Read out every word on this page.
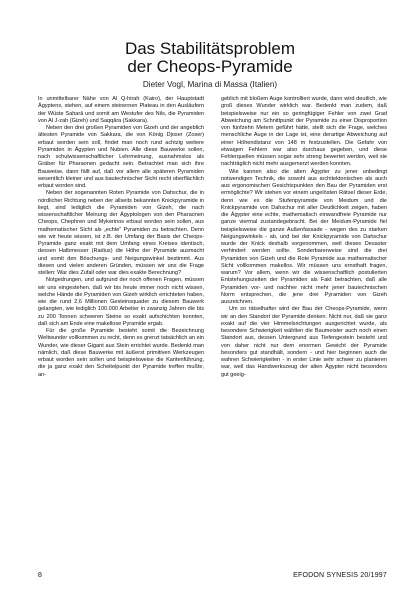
Das Stabilitätsproblem
der Cheops-Pyramide
Dieter Vogl, Marina di Massa (Italien)

In unmittelbarer Nähe von Al Q-hirah (Kairo), der Hauptstadt Ägyptens, stehen, auf einem steinernen Plateau in den Ausläufern der Wüste Saharâ und somit am Westufer des Nils, die Pyramiden von Al J-zah (Gizeh) und Saqqâra (Sakkara).

Neben den drei großen Pyramiden von Gizeh und der angeblich ältesten Pyramide von Sakkara, die von König Djoser (Zoser) erbaut worden sein soll, findet man noch rund achtzig weitere Pyramiden in Ägypten und Nubien. Alle diese Bauwerke sollen, nach schulwissenschaftlicher Lehrmeinung, ausnahmslos als Gräber für Pharaonen gedacht sein. Betrachtet man sich ihre Bauweise, dann fällt auf, daß vor allem alle späteren Pyramiden wesentlich kleiner und aus bautechnischer Sicht recht oberflächlich erbaut worden sind.

Neben der sogenannten Roten Pyramide von Dahschur, die in nördlicher Richtung neben der allseits bekannten Knickpyramide in liegt, sind lediglich die Pyramiden von Gizeh, die nach wissenschaftlicher Meinung der Ägyptologen von den Pharaonen Cheops, Chephren und Mykerinos erbaut worden sein sollen, aus mathematischer Sicht als „echte“ Pyramiden zu betrachten. Denn wie wir heute wissen, ist z.B. der Umfang der Basis der Cheops-Pyramide ganz exakt mit dem Umfang eines Kreises identisch, dessen Halbmesser (Radius) die Höhe der Pyramide ausmacht und somit den Böschungs- und Neigungswinkel bestimmt. Aus diesen und vielen anderen Gründen, müssen wir uns die Frage stellen: War dies Zufall oder war dies exakte Berechnung?

Notgedrungen, und aufgrund der noch offenen Fragen, müssen wir uns eingestehen, daß wir bis heute immer noch nicht wissen, welche Hände die Pyramiden von Gizeh wirklich errichteten haben, wie die rund 2,6 Millionen Gesteinsquader zu diesem Bauwerk gelangten, wie lediglich 100.000 Arbeiter in zwanzig Jahren die bis zu 200 Tonnen schweren Steine so exakt aufschichten konnten, daß sich am Ende eine makellose Pyramide ergab.

Für die große Pyramide besteht somit die Bezeichnung Weltwunder vollkommen zu recht, denn es grenzt tatsächlich an ein Wunder, wie dieser Gigant aus Stein errichtet wurde. Bedenkt man nämlich, daß diese Bauwerke mit äußerst primitiven Werkzeugen erbaut worden sein sollen und beispielsweise die Kantenführung, die ja ganz exakt den Scheitelpunkt der Pyramide treffen mußte, an-

geblich mit bloßem Auge kontrolliert wurde, dann wird deutlich, wie groß dieses Wunder wirklich war. Bedenkt man zudem, daß beispielsweise nur ein so geringfügiger Fehler von zwei Grad Abweichung am Schnittpunkt der Pyramide zu einer Disproportion von fünfzehn Metern geführt hätte, stellt sich die Frage, welches menschliche Auge in der Lage ist, eine derartige Abweichung auf einer Höhendistanz von 148 m festzustellen. Die Gefahr von etwaigen Fehlern war also durchaus gegeben, und diese Fehlerquellen müssen sogar sehr streng bewertet werden, weil sie nachträglich nicht mehr ausgemerzt werden konnten.

Wie kannen also die alten Ägypter zu jener unbedingt notwendigen Technik, die sowohl aus architektonischen als auch aus ergonomischen Gesichtspunkten den Bau der Pyramiden erst ermöglichte? Wir stehen vor einem ungelösten Rätsel dieser Erde, denn wie es die Stufenpyramide von Meidum und die Knickpyramide von Dahschur mit aller Deutlichkeit zeigen, haben die Ägypter eine echte, mathematisch einwandfreie Pyramide nur ganze viermal zustandegebracht. Bei der Meidum-Pyramide fiel beispielsweise die ganze Außenfassade - wegen des zu starken Neigungswinkels - ab, und bei der Knickpyramide von Dahschur wurde der Knick deshalb vorgenommen, weil dieses Desaster verhindert werden sollte. Sonderbarerweise sind die drei Pyramiden von Gizeh und die Rote Pyramide aus mathematischer Sicht vollkommen makellos. Wir müssen uns ernsthaft fragen, warum? Vor allem, wenn wir die wissenschaftlich postulierten Entstehungszeiten der Pyramiden als Fakt betrachten, daß alle Pyramiden vor- und nachher nicht mehr jener bautechnischen Norm entsprechen, die jene drei Pyramiden von Gizeh auszeichnen.

Um so rätselhafter wird der Bau der Cheops-Pyramide, wenn wir an den Standort der Pyramide denken. Nicht nur, daß sie ganz exakt auf die vier Himmelsrichtungen ausgerichtet wurde, als besondere Schwierigkeit wählten die Baumeister auch noch einen Standort aus, dessen Untergrund aus Tiefengestein besteht und von daher nicht nur dem enormen Gewicht der Pyramide besonders gut standhält, sondern - und hier beginnen auch die wahren Schwierigkeiten - in erster Linie sehr schwer zu planieren war, weil das Handwerkszeug der alten Ägypter nicht besonders gut geeig-

8	EFODON SYNESIS 20/1997
